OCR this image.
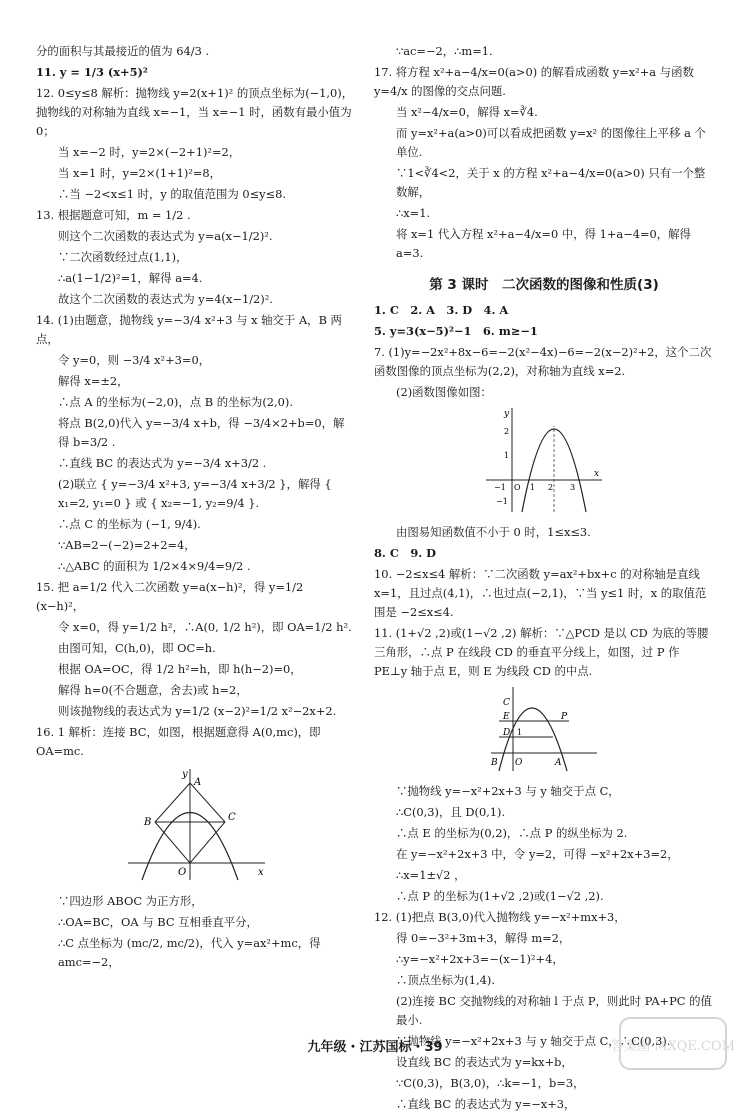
分的面积与其最接近的值为 64/3 .
11. y = 1/3 (x+5)²
12. 0≤y≤8 解析：抛物线 y=2(x+1)² 的顶点坐标为(−1,0)，抛物线的对称轴为直线 x=−1，当 x=−1 时，函数有最小值为 0；
当 x=−2 时，y=2×(−2+1)²=2，
当 x=1 时，y=2×(1+1)²=8，
∴当 −2<x≤1 时，y 的取值范围为 0≤y≤8.
13. 根据题意可知，m = 1/2 .
则这个二次函数的表达式为 y=a(x−1/2)².
∵二次函数经过点(1,1)，
∴a(1−1/2)²=1，解得 a=4.
故这个二次函数的表达式为 y=4(x−1/2)².
14. (1)由题意，抛物线 y=−3/4 x²+3 与 x 轴交于 A，B 两点，
令 y=0，则 −3/4 x²+3=0，
解得 x=±2，
∴点 A 的坐标为(−2,0)，点 B 的坐标为(2,0).
将点 B(2,0)代入 y=−3/4 x+b，得 −3/4×2+b=0，解得 b=3/2 .
∴直线 BC 的表达式为 y=−3/4 x+3/2 .
(2)联立 { y=−3/4 x²+3, y=−3/4 x+3/2 }，解得 { x₁=2, y₁=0 } 或 { x₂=−1, y₂=9/4 }.
∴点 C 的坐标为 (−1, 9/4).
∵AB=2−(−2)=2+2=4，
∴△ABC 的面积为 1/2×4×9/4=9/2 .
15. 把 a=1/2 代入二次函数 y=a(x−h)²，得 y=1/2 (x−h)²，
令 x=0，得 y=1/2 h²，∴A(0, 1/2 h²)，即 OA=1/2 h².
由图可知，C(h,0)，即 OC=h.
根据 OA=OC，得 1/2 h²=h，即 h(h−2)=0，
解得 h=0(不合题意，舍去)或 h=2，
则该抛物线的表达式为 y=1/2 (x−2)²=1/2 x²−2x+2.
16. 1 解析：连接 BC，如图，根据题意得 A(0,mc)，即 OA=mc.
y
x
O
A
B	C
∵四边形 ABOC 为正方形，
∴OA=BC，OA 与 BC 互相垂直平分，
∴C 点坐标为 (mc/2, mc/2)，代入 y=ax²+mc，得 amc=−2，
∵ac=−2，∴m=1.
17. 将方程 x²+a−4/x=0(a>0) 的解看成函数 y=x²+a 与函数 y=4/x 的图像的交点问题.
当 x²−4/x=0，解得 x=∛4.
而 y=x²+a(a>0)可以看成把函数 y=x² 的图像往上平移 a 个单位.
∵1<∛4<2，关于 x 的方程 x²+a−4/x=0(a>0) 只有一个整数解，
∴x=1.
将 x=1 代入方程 x²+a−4/x=0 中，得 1+a−4=0，解得 a=3.
第 3 课时　二次函数的图像和性质(3)
1. C　2. A　3. D　4. A
5. y=3(x−5)²−1　6. m≥−1
7. (1)y=−2x²+8x−6=−2(x²−4x)−6=−2(x−2)²+2，这个二次函数图像的顶点坐标为(2,2)，对称轴为直线 x=2.
(2)函数图像如图：
y
x
O
−1	1 2 3
2
1
−1
由图易知函数值不小于 0 时，1≤x≤3.
8. C　9. D
10. −2≤x≤4 解析：∵二次函数 y=ax²+bx+c 的对称轴是直线 x=1，且过点(4,1)，∴也过点(−2,1)，∵当 y≤1 时，x 的取值范围是 −2≤x≤4.
11. (1+√2 ,2)或(1−√2 ,2) 解析：∵△PCD 是以 CD 为底的等腰三角形，∴点 P 在线段 CD 的垂直平分线上，如图，过 P 作 PE⊥y 轴于点 E，则 E 为线段 CD 的中点.
C
E
D 1
P
B O	A
∵抛物线 y=−x²+2x+3 与 y 轴交于点 C，
∴C(0,3)，且 D(0,1).
∴点 E 的坐标为(0,2)，∴点 P 的纵坐标为 2.
在 y=−x²+2x+3 中，令 y=2，可得 −x²+2x+3=2，
∴x=1±√2 ，
∴点 P 的坐标为(1+√2 ,2)或(1−√2 ,2).
12. (1)把点 B(3,0)代入抛物线 y=−x²+mx+3，
得 0=−3²+3m+3，解得 m=2，
∴y=−x²+2x+3=−(x−1)²+4，
∴顶点坐标为(1,4).
(2)连接 BC 交抛物线的对称轴 l 于点 P，则此时 PA+PC 的值最小.
∵抛物线 y=−x²+2x+3 与 y 轴交于点 C，∴C(0,3).
设直线 BC 的表达式为 y=kx+b，
∵C(0,3)，B(3,0)，∴k=−1，b=3，
∴直线 BC 的表达式为 y=−x+3，
九年级・江苏国标・39	答案圈 MXQE.COM
